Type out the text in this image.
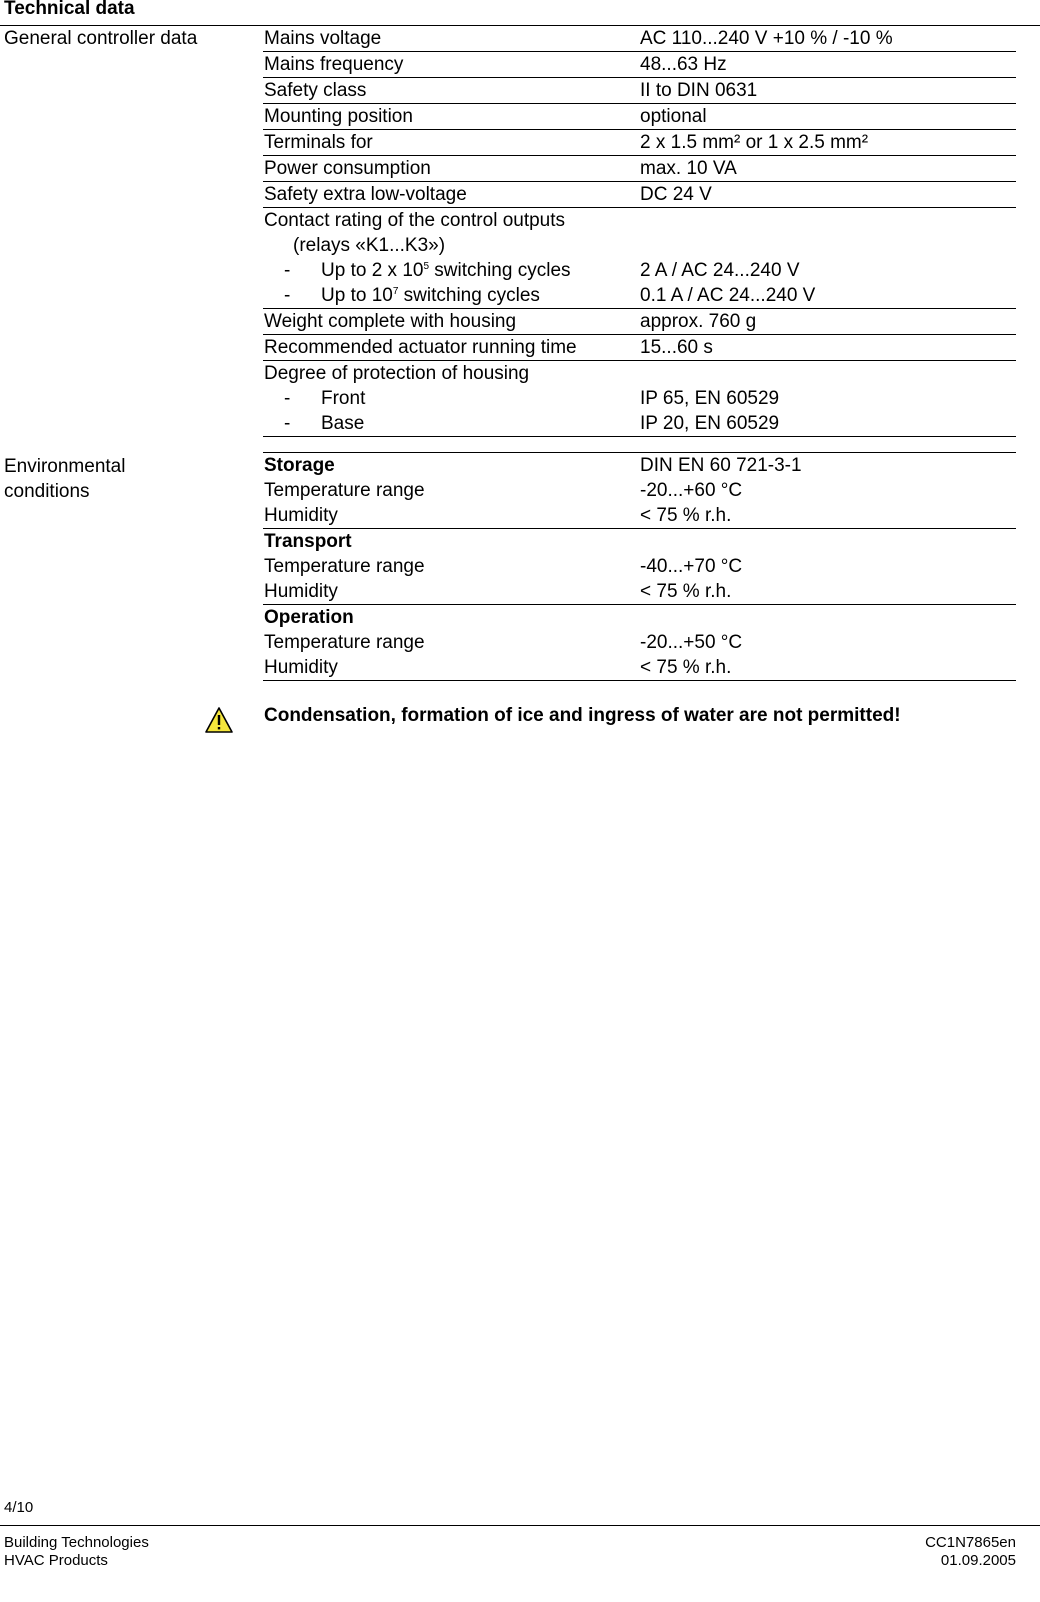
Technical data
General controller data	Mains voltage	AC 110...240 V +10 % / -10 %
Mains frequency	48...63 Hz
Safety class	II to DIN 0631
Mounting position	optional
Terminals for	2 x 1.5 mm² or 1 x 2.5 mm²
Power consumption	max. 10 VA
Safety extra low-voltage	DC 24 V
Contact rating of the control outputs
(relays «K1...K3»)
- Up to 2 x $10^5$ switching cycles	2 A / AC 24...240 V
- Up to $10^7$ switching cycles	0.1 A / AC 24...240 V
Weight complete with housing	approx. 760 g
Recommended actuator running time	15...60 s
Degree of protection of housing
- Front	IP 65, EN 60529
- Base	IP 20, EN 60529
Environmental
conditions
Storage	DIN EN 60 721-3-1
Temperature range	-20...+60 °C
Humidity	< 75 % r.h.
Transport
Temperature range	-40...+70 °C
Humidity	< 75 % r.h.
Operation
Temperature range	-20...+50 °C
Humidity	< 75 % r.h.
Condensation, formation of ice and ingress of water are not permitted!
4/10
Building Technologies
HVAC Products
CC1N7865en
01.09.2005
